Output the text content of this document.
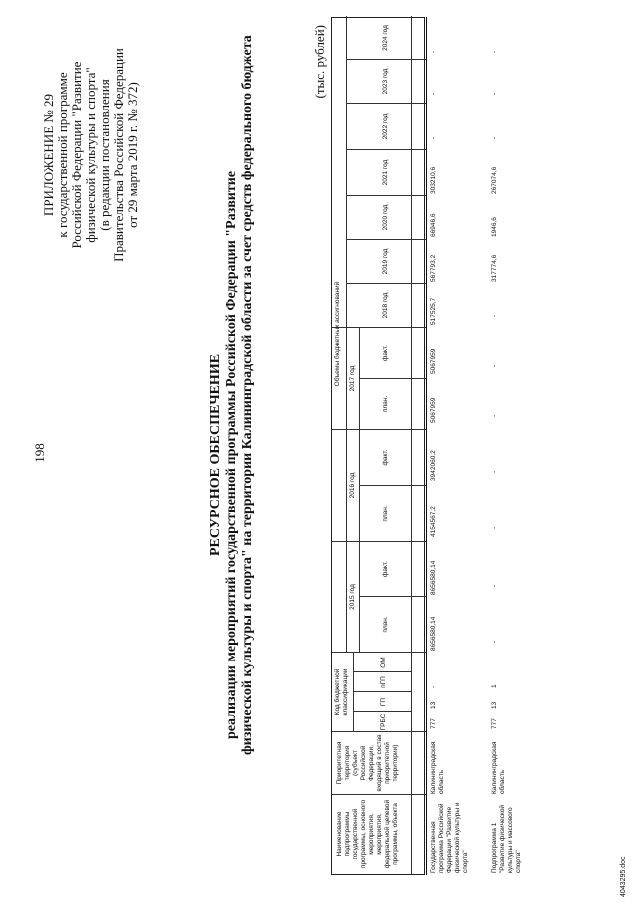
198
ПРИЛОЖЕНИЕ № 29 к государственной программе Российской Федерации "Развитие физической культуры и спорта" (в редакции постановления Правительства Российской Федерации от 29 марта 2019 г. № 372)
РЕСУРСНОЕ ОБЕСПЕЧЕНИЕ реализации мероприятий государственной программы Российской Федерации "Развитие физической культуры и спорта" на территории Калининградской области за счет средств федерального бюджета	(тыс. рублей)
Наименование подпрограммы государственной программы, основного мероприятия, мероприятия, федеральной целевой программы, объекта
Приоритетная территория (субъект Российской Федерации, входящий в состав приоритетной территории)
Код бюджетной классификации
ГРБС
ГП
пГП
ОМ
Объемы бюджетных ассигнований
2015 год
2016 год
2017 год
план.
факт.
план.
факт.
план.
факт.
2018 год
2019 год
2020 год
2021 год
2022 год
2023 год
2024 год
Государственная программа Российской Федерации "Развитие физической культуры и спорта"
Калининградская область
777
13
-
8656580,14
8656580,14
4154567,2
3942060,2
5067959
5067959
517525,7
567793,2
66946,6
303210,6
-
-
-
Подпрограмма 1 "Развитие физической культуры и массового спорта"
Калининградская область
777
13
1
-
-
-
-
-
-
-
317774,6
1946,6
267074,6
-
-
-
4043295.doc
